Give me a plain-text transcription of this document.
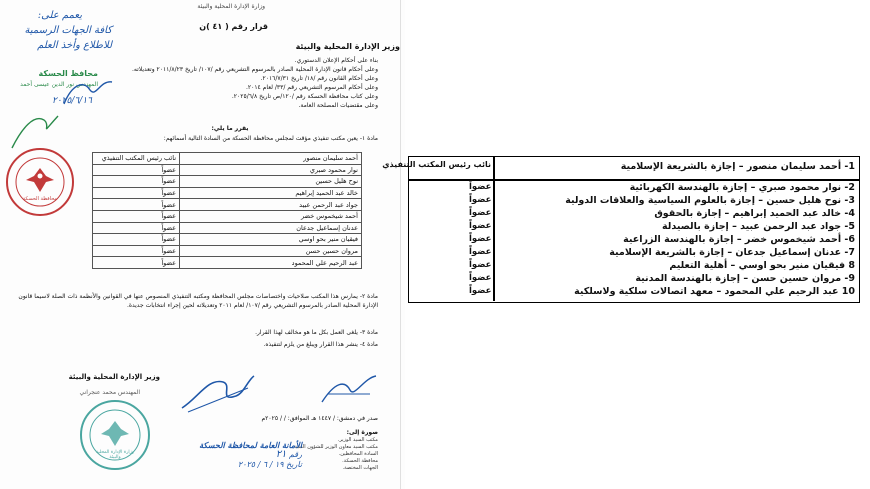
وزارة الإدارة المحلية والبيئة
قرار رقم ( ٤١ )ن
وزير الإدارة المحلية والبيئة
بناء على أحكام الإعلان الدستوري.
وعلى أحكام قانون الإدارة المحلية الصادر بالمرسوم التشريعي رقم /١٠٧/ تاريخ ٢٠١١/٨/٢٣ وتعديلاته.
وعلى أحكام القانون رقم /١٨/ تاريخ ٢٠١٦/٧/٣١.
وعلى أحكام المرسوم التشريعي رقم /٣٣/ لعام ٢٠١٤.
وعلى كتاب محافظة الحسكة رقم /١٢٠/ص تاريخ ٢٠٢٥/٦/٨.
وعلى مقتضيات المصلحة العامة.
يقرر ما يلي:
مادة ١- يعين مكتب تنفيذي مؤقت لمجلس محافظة الحسكة من السادة التالية أسمائهم:
أحمد سليمان منصور	نائب رئيس المكتب التنفيذي
نوار محمود صبري	عضواً
نوح هليل حسين	عضواً
خالد عبد الحميد إبراهيم	عضواً
جواد عبد الرحمن عبيد	عضواً
أحمد شيخموس خضر	عضواً
عدنان إسماعيل جدعان	عضواً
فيقيان منير بحو اوسي	عضواً
مروان حسين حسن	عضواً
عبد الرحيم علي المحمود	عضواً
مادة ٢- يمارس هذا المكتب صلاحيات واختصاصات مجلس المحافظة ومكتبه التنفيذي المنصوص عنها في القوانين والأنظمة ذات الصلة لاسيما قانون الإدارة المحلية الصادر بالمرسوم التشريعي رقم /١٠٧/ لعام ٢٠١١ وتعديلاته لحين إجراء انتخابات جديدة.
مادة ٣- يلغى العمل بكل ما هو مخالف لهذا القرار.
مادة ٤- ينشر هذا القرار ويبلغ من يلزم لتنفيذه.
وزير الإدارة المحلية والبيئة
المهندس محمد عنجراني
صدر في دمشق: / ١٤٤٧ هـ الموافق: / / ٢٠٢٥م
صورة إلى:
مكتب السيد الوزير.
مكتب السيد معاون الوزير للشؤون الفنية.
السادة المحافظين.
محافظة الحسكة.
الجهات المختصة.
الأمانة العامة لمحافظة الحسكة
رقم ٢١
تاريخ ١٩ / ٦ / ٢٠٢٥
يعمم على:
كافة الجهات الرسمية
للاطلاع وأخذ العلم
محافظ الحسكة
المهندس نور الدين عيسى أحمد
٢٠٢٥/٦/١٦
محافظة الحسكة
وزارة الإدارة المحلية والبيئة
نائب رئيس المكتب التنفيذي	1- أحمد سليمان منصور – إجازة بالشريعة الإسلامية
2- نوار محمود صبري – إجازة بالهندسة الكهربائية
عضواً
3- نوح هليل حسين – إجازة بالعلوم السياسية والعلاقات الدولية
عضواً
4- خالد عبد الحميد إبراهيم – إجازة بالحقوق
عضواً
5- جواد عبد الرحمن عبيد – إجازة بالصيدلة
عضواً
6- أحمد شيخموس خضر – إجازة بالهندسة الزراعية
عضواً
7- عدنان إسماعيل جدعان – إجازة بالشريعة الإسلامية
عضواً
8 فيقيان منير بحو اوسي – أهلية التعليم
عضواً
9- مروان حسين حسن – إجازة بالهندسة المدنية
عضواً
10 عبد الرحيم علي المحمود – معهد اتصالات سلكية ولاسلكية
عضواً
